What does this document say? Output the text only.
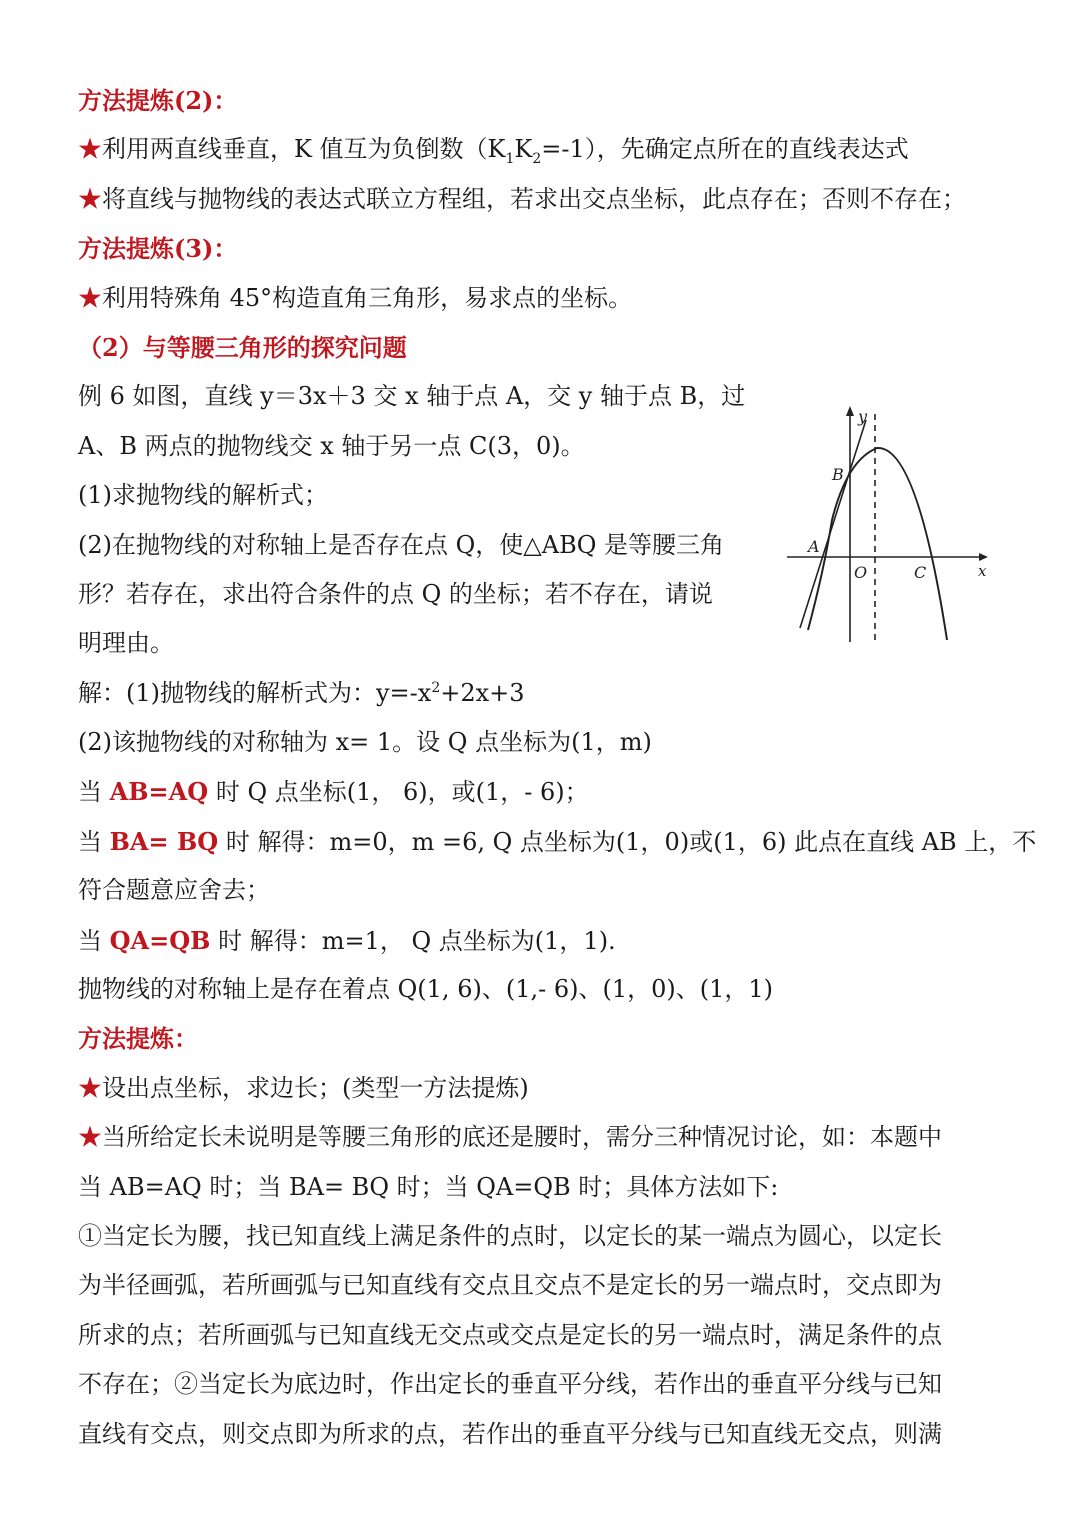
方法提炼(2)：
★利用两直线垂直，K 值互为负倒数$(K_1K_2=-1)$，先确定点所在的直线表达式
★将直线与抛物线的表达式联立方程组，若求出交点坐标，此点存在；否则不存在；
方法提炼(3)：
★利用特殊角 45°构造直角三角形，易求点的坐标。
（2）与等腰三角形的探究问题
例 6 如图，直线 y＝3x＋3 交 x 轴于点 A，交 y 轴于点 B，过
A、B 两点的抛物线交 x 轴于另一点 C(3，0)。
(1)求抛物线的解析式；
(2)在抛物线的对称轴上是否存在点 Q，使△ABQ 是等腰三角
形？若存在，求出符合条件的点 Q 的坐标；若不存在，请说
明理由。
解：(1)抛物线的解析式为：$y=-x^2+2x+3$
(2)该抛物线的对称轴为 x= 1。设 Q 点坐标为(1，m)
当 AB=AQ 时 Q 点坐标(1， 6)，或(1，- 6)；
当 BA= BQ 时 解得：m=0，m =6, Q 点坐标为(1，0)或(1，6) 此点在直线 AB 上，不
符合题意应舍去；
当 QA=QB 时 解得：m=1， Q 点坐标为(1，1).
抛物线的对称轴上是存在着点 Q(1, 6)、(1,- 6)、(1，0)、(1，1)
方法提炼：
★设出点坐标，求边长；(类型一方法提炼)
★当所给定长未说明是等腰三角形的底还是腰时，需分三种情况讨论，如：本题中
当 AB=AQ 时；当 BA= BQ 时；当 QA=QB 时；具体方法如下:
①当定长为腰，找已知直线上满足条件的点时，以定长的某一端点为圆心，以定长
为半径画弧，若所画弧与已知直线有交点且交点不是定长的另一端点时，交点即为
所求的点；若所画弧与已知直线无交点或交点是定长的另一端点时，满足条件的点
不存在；②当定长为底边时，作出定长的垂直平分线，若作出的垂直平分线与已知
直线有交点，则交点即为所求的点，若作出的垂直平分线与已知直线无交点，则满
y
x
B
A
O	C
